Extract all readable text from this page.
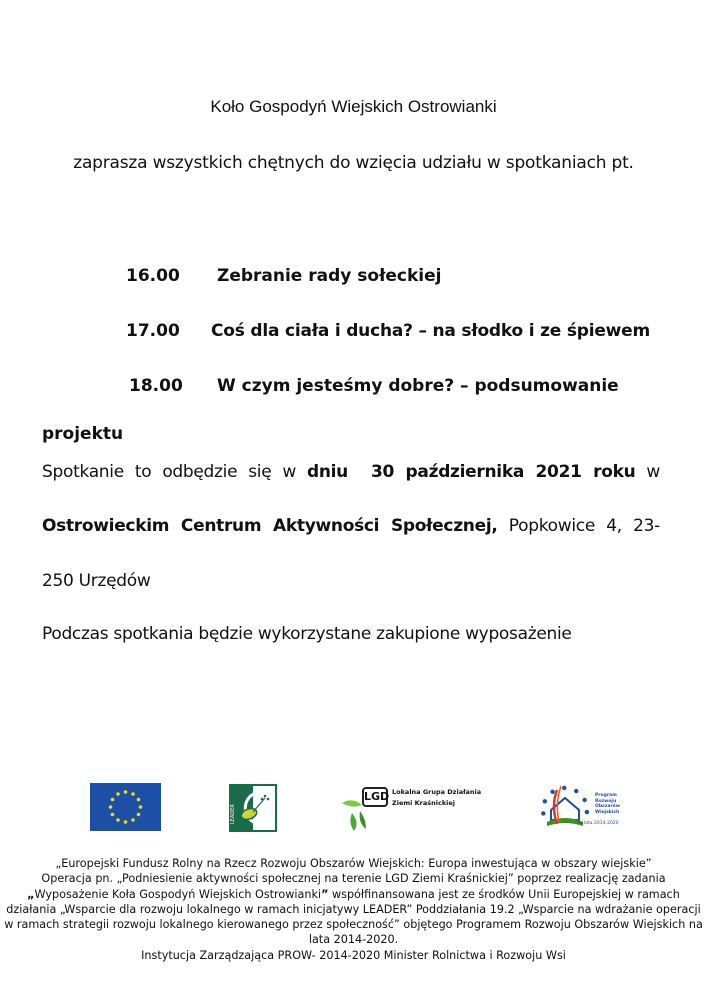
Koło Gospodyń Wiejskich Ostrowianki
zaprasza wszystkich chętnych do wzięcia udziału w spotkaniach pt.
16.00 Zebranie rady sołeckiej
17.00 Coś dla ciała i ducha? – na słodko i ze śpiewem
18.00 W czym jesteśmy dobre? – podsumowanie
projektu
Spotkanie to odbędzie się w dniu  30 października 2021 roku w
Ostrowieckim Centrum Aktywności Społecznej, Popkowice 4, 23-
250 Urzędów
Podczas spotkania będzie wykorzystane zakupione wyposażenie
LEADER
LGD Lokalna Grupa Działania
Ziemi Kraśnickiej
Program
Rozwoju
Obszarów
Wiejskich
na lata 2014-2020
„Europejski Fundusz Rolny na Rzecz Rozwoju Obszarów Wiejskich: Europa inwestująca w obszary wiejskie”
Operacja pn. „Podniesienie aktywności społecznej na terenie LGD Ziemi Kraśnickiej” poprzez realizację zadania
„Wyposażenie Koła Gospodyń Wiejskich Ostrowianki” współfinansowana jest ze środków Unii Europejskiej w ramach
działania „Wsparcie dla rozwoju lokalnego w ramach inicjatywy LEADER” Poddziałania 19.2 „Wsparcie na wdrażanie operacji
w ramach strategii rozwoju lokalnego kierowanego przez społeczność” objętego Programem Rozwoju Obszarów Wiejskich na
lata 2014-2020.
Instytucja Zarządzająca PROW- 2014-2020 Minister Rolnictwa i Rozwoju Wsi
